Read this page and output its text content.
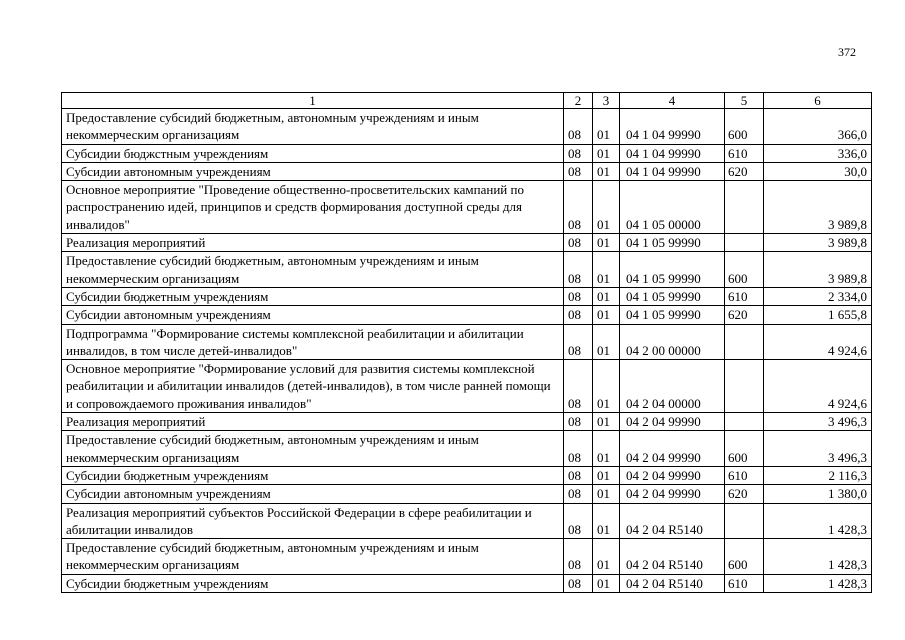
372
1	2	3	4	5	6
Предоставление субсидий бюджетным, автономным учреждениям и иным некоммерческим организациям	08	01	04 1 04 99990	600	366,0
Субсидии бюджстным учреждениям	08	01	04 1 04 99990	610	336,0
Субсидии автономным учреждениям	08	01	04 1 04 99990	620	30,0
Основное мероприятие "Проведение общественно-просветительских кампаний по распространению идей, принципов и средств формирования доступной среды для инвалидов"	08	01	04 1 05 00000		3 989,8
Реализация мероприятий	08	01	04 1 05 99990		3 989,8
Предоставление субсидий бюджетным, автономным учреждениям и иным некоммерческим организациям	08	01	04 1 05 99990	600	3 989,8
Субсидии бюджетным учреждениям	08	01	04 1 05 99990	610	2 334,0
Субсидии автономным учреждениям	08	01	04 1 05 99990	620	1 655,8
Подпрограмма "Формирование системы комплексной реабилитации и абилитации инвалидов, в том числе детей-инвалидов"	08	01	04 2 00 00000		4 924,6
Основное мероприятие "Формирование условий для развития системы комплексной реабилитации и абилитации инвалидов (детей-инвалидов), в том числе ранней помощи и сопровождаемого проживания инвалидов"	08	01	04 2 04 00000		4 924,6
Реализация мероприятий	08	01	04 2 04 99990		3 496,3
Предоставление субсидий бюджетным, автономным учреждениям и иным некоммерческим организациям	08	01	04 2 04 99990	600	3 496,3
Субсидии бюджетным учреждениям	08	01	04 2 04 99990	610	2 116,3
Субсидии автономным учреждениям	08	01	04 2 04 99990	620	1 380,0
Реализация мероприятий субъектов Российской Федерации в сфере реабилитации и абилитации инвалидов	08	01	04 2 04 R5140		1 428,3
Предоставление субсидий бюджетным, автономным учреждениям и иным некоммерческим организациям	08	01	04 2 04 R5140	600	1 428,3
Субсидии бюджетным учреждениям	08	01	04 2 04 R5140	610	1 428,3
